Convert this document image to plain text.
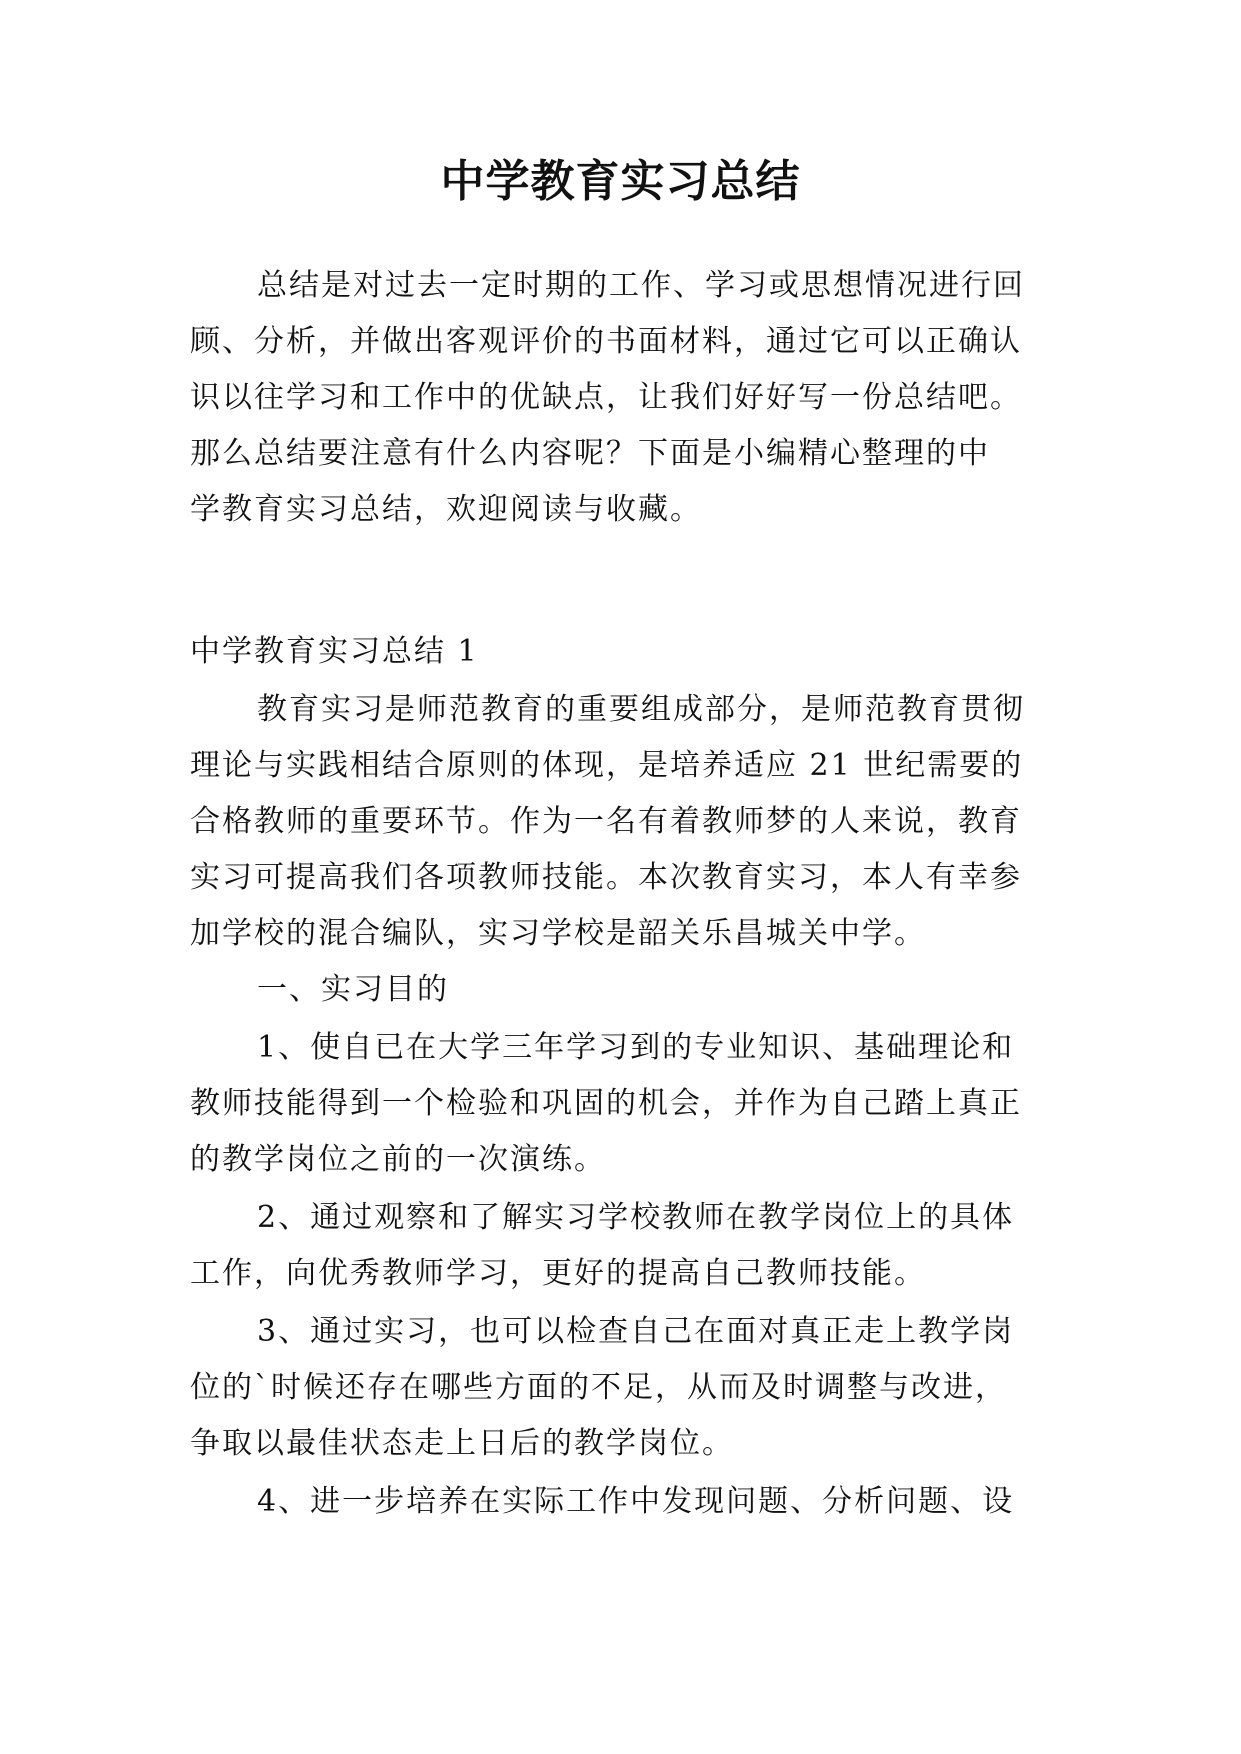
中学教育实习总结
总结是对过去一定时期的工作、学习或思想情况进行回
顾、分析，并做出客观评价的书面材料，通过它可以正确认
识以往学习和工作中的优缺点，让我们好好写一份总结吧。
那么总结要注意有什么内容呢？下面是小编精心整理的中
学教育实习总结，欢迎阅读与收藏。
中学教育实习总结 1
教育实习是师范教育的重要组成部分，是师范教育贯彻
理论与实践相结合原则的体现，是培养适应 21 世纪需要的
合格教师的重要环节。作为一名有着教师梦的人来说，教育
实习可提高我们各项教师技能。本次教育实习，本人有幸参
加学校的混合编队，实习学校是韶关乐昌城关中学。
一、实习目的
1、使自已在大学三年学习到的专业知识、基础理论和
教师技能得到一个检验和巩固的机会，并作为自己踏上真正
的教学岗位之前的一次演练。
2、通过观察和了解实习学校教师在教学岗位上的具体
工作，向优秀教师学习，更好的提高自己教师技能。
3、通过实习，也可以检查自己在面对真正走上教学岗
位的`时候还存在哪些方面的不足，从而及时调整与改进，
争取以最佳状态走上日后的教学岗位。
4、进一步培养在实际工作中发现问题、分析问题、设
